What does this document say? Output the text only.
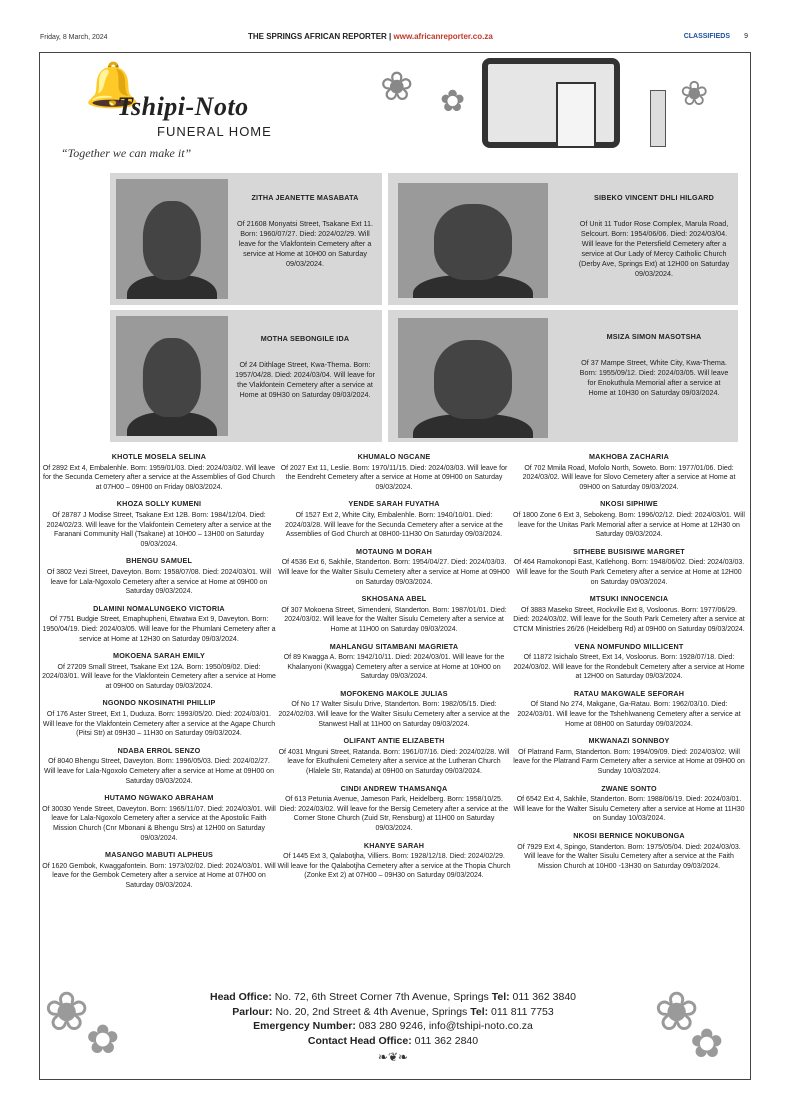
Friday, 8 March, 2024	THE SPRINGS AFRICAN REPORTER | www.africanreporter.co.za	CLASSIFIEDS 9
🔔
Tshipi-Noto
FUNERAL HOME
“Together we can make it”
❀ ✿	❀
ZITHA JEANETTE MASABATA
Of 21608 Monyatsi Street, Tsakane Ext 11. Born: 1960/07/27. Died: 2024/02/29. Will leave for the Vlakfontein Cemetery after a service at Home at 10H00 on Saturday 09/03/2024.
SIBEKO VINCENT DHLI HILGARD
Of Unit 11 Tudor Rose Complex, Marula Road, Selcourt. Born: 1954/06/06. Died: 2024/03/04. Will leave for the Petersfield Cemetery after a service at Our Lady of Mercy Catholic Church (Derby Ave, Springs Ext) at 12H00 on Saturday 09/03/2024.
MOTHA SEBONGILE IDA
Of 24 Dithlage Street, Kwa-Thema. Born: 1957/04/28. Died: 2024/03/04. Will leave for the Vlakfontein Cemetery after a service at Home at 09H30 on Saturday 09/03/2024.
MSIZA SIMON MASOTSHA
Of 37 Mampe Street, White City, Kwa-Thema. Born: 1955/09/12. Died: 2024/03/05. Will leave for Enokuthula Memorial after a service at Home at 10H30 on Saturday 09/03/2024.
KHOTLE MOSELA SELINA
Of 2892 Ext 4, Embalenhle. Born: 1959/01/03. Died: 2024/03/02. Will leave for the Secunda Cemetery after a service at the Assemblies of God Church at 07H00 – 09H00 on Friday 08/03/2024.
KHOZA SOLLY KUMENI
Of 28787 J Modise Street, Tsakane Ext 12B. Born: 1984/12/04. Died: 2024/02/23. Will leave for the Vlakfontein Cemetery after a service at the Faranani Community Hall (Tsakane) at 10H00 – 13H00 on Saturday 09/03/2024.
BHENGU SAMUEL
Of 3802 Vezi Street, Daveyton. Born: 1958/07/08. Died: 2024/03/01. Will leave for Lala-Ngoxolo Cemetery after a service at Home at 09H00 on Saturday 09/03/2024.
DLAMINI NOMALUNGEKO VICTORIA
Of 7751 Budgie Street, Emaphupheni, Etwatwa Ext 9, Daveyton. Born: 1950/04/19. Died: 2024/03/05. Will leave for the Phumlani Cemetery after a service at Home at 12H30 on Saturday 09/03/2024.
MOKOENA SARAH EMILY
Of 27209 Small Street, Tsakane Ext 12A. Born: 1950/09/02. Died: 2024/03/01. Will leave for the Vlakfontein Cemetery after a service at Home at 09H00 on Saturday 09/03/2024.
NGONDO NKOSINATHI PHILLIP
Of 176 Aster Street, Ext 1, Duduza. Born: 1993/05/20. Died: 2024/03/01. Will leave for the Vlakfontein Cemetery after a service at the Agape Church (Pitsi Str) at 09H30 – 11H30 on Saturday 09/03/2024.
NDABA ERROL SENZO
Of 8040 Bhengu Street, Daveyton. Born: 1996/05/03. Died: 2024/02/27. Will leave for Lala-Ngoxolo Cemetery after a service at Home at 09H00 on Saturday 09/03/2024.
HUTAMO NGWAKO ABRAHAM
Of 30030 Yende Street, Daveyton. Born: 1965/11/07. Died: 2024/03/01. Will leave for Lala-Ngoxolo Cemetery after a service at the Apostolic Faith Mission Church (Cnr Mbonani & Bhengu Strs) at 12H00 on Saturday 09/03/2024.
MASANGO MABUTI ALPHEUS
Of 1620 Gembok, Kwaggafontein. Born: 1973/02/02. Died: 2024/03/01. Will leave for the Gembok Cemetery after a service at Home at 07H00 on Saturday 09/03/2024.
KHUMALO NGCANE
Of 2027 Ext 11, Leslie. Born: 1970/11/15. Died: 2024/03/03. Will leave for the Eendreht Cemetery after a service at Home at 09H00 on Saturday 09/03/2024.
YENDE SARAH FUYATHA
Of 1527 Ext 2, White City, Embalenhle. Born: 1940/10/01. Died: 2024/03/28. Will leave for the Secunda Cemetery after a service at the Assemblies of God Church at 08H00-11H30 On Saturday 09/03/2024.
MOTAUNG M DORAH
Of 4536 Ext 6, Sakhile, Standerton. Born: 1954/04/27. Died: 2024/03/03. Will leave for the Walter Sisulu Cemetery after a service at Home at 09H00 on Saturday 09/03/2024.
SKHOSANA ABEL
Of 307 Mokoena Street, Simendeni, Standerton. Born: 1987/01/01. Died: 2024/03/02. Will leave for the Walter Sisulu Cemetery after a service at Home at 11H00 on Saturday 09/03/2024.
MAHLANGU SITAMBANI MAGRIETA
Of 89 Kwagga A. Born: 1942/10/11. Died: 2024/03/01. Will leave for the Khalanyoni (Kwagga) Cemetery after a service at Home at 10H00 on Saturday 09/03/2024.
MOFOKENG MAKOLE JULIAS
Of No 17 Walter Sisulu Drive, Standerton. Born: 1982/05/15. Died: 2024/02/03. Will leave for the Walter Sisulu Cemetery after a service at the Stanwest Hall at 11H00 on Saturday 09/03/2024.
OLIFANT ANTIE ELIZABETH
Of 4031 Mnguni Street, Ratanda. Born: 1961/07/16. Died: 2024/02/28. Will leave for Ekuthuleni Cemetery after a service at the Lutheran Church (Hlalele Str, Ratanda) at 09H00 on Saturday 09/03/2024.
CINDI ANDREW THAMSANQA
Of 613 Petunia Avenue, Jameson Park, Heidelberg. Born: 1958/10/25. Died: 2024/03/02. Will leave for the Bersig Cemetery after a service at the Corner Stone Church (Zuid Str, Rensburg) at 11H00 on Saturday 09/03/2024.
KHANYE SARAH
Of 1445 Ext 3, Qalabotjha, Villiers. Born: 1928/12/18. Died: 2024/02/29. Will leave for the Qalabotjha Cemetery after a service at the Thopia Church (Zonke Ext 2) at 07H00 – 09H30 on Saturday 09/03/2024.
MAKHOBA ZACHARIA
Of 702 Mmila Road, Mofolo North, Soweto. Born: 1977/01/06. Died: 2024/03/02. Will leave for Slovo Cemetery after a service at Home at 09H00 on Saturday 09/03/2024.
NKOSI SIPHIWE
Of 1800 Zone 6 Ext 3, Sebokeng. Born: 1996/02/12. Died: 2024/03/01. Will leave for the Unitas Park Memorial after a service at Home at 12H30 on Saturday 09/03/2024.
SITHEBE BUSISIWE MARGRET
Of 464 Ramokonopi East, Katlehong. Born: 1948/06/02. Died: 2024/03/03. Will leave for the South Park Cemetery after a service at Home at 12H00 on Saturday 09/03/2024.
MTSUKI INNOCENCIA
Of 3883 Maseko Street, Rockville Ext 8, Vosloorus. Born: 1977/06/29. Died: 2024/03/02. Will leave for the South Park Cemetery after a service at CTCM Ministries 26/26 (Heidelberg Rd) at 09H00 on Saturday 09/03/2024.
VENA NOMFUNDO MILLICENT
Of 11872 Isichalo Street, Ext 14, Vosloorus. Born: 1928/07/18. Died: 2024/03/02. Will leave for the Rondebult Cemetery after a service at Home at 12H00 on Saturday 09/03/2024.
RATAU MAKGWALE SEFORAH
Of Stand No 274, Makgane, Ga-Ratau. Born: 1962/03/10. Died: 2024/03/01. Will leave for the Tshehlwaneng Cemetery after a service at Home at 08H00 on Saturday 09/03/2024.
MKWANAZI SONNBOY
Of Platrand Farm, Standerton. Born: 1994/09/09. Died: 2024/03/02. Will leave for the Platrand Farm Cemetery after a service at Home at 09H00 on Sunday 10/03/2024.
ZWANE SONTO
Of 6542 Ext 4, Sakhile, Standerton. Born: 1988/06/19. Died: 2024/03/01. Will leave for the Walter Sisulu Cemetery after a service at Home at 11H30 on Sunday 10/03/2024.
NKOSI BERNICE NOKUBONGA
Of 7929 Ext 4, Spingo, Standerton. Born: 1975/05/04. Died: 2024/03/03. Will leave for the Walter Sisulu Cemetery after a service at the Faith Mission Church at 10H00 -13H30 on Saturday 09/03/2024.
❀
✿	❀
✿
Head Office: No. 72, 6th Street Corner 7th Avenue, Springs Tel: 011 362 3840
Parlour: No. 20, 2nd Street & 4th Avenue, Springs Tel: 011 811 7753
Emergency Number: 083 280 9246, info@tshipi-noto.co.za
Contact Head Office: 011 362 2840
❧❦❧
